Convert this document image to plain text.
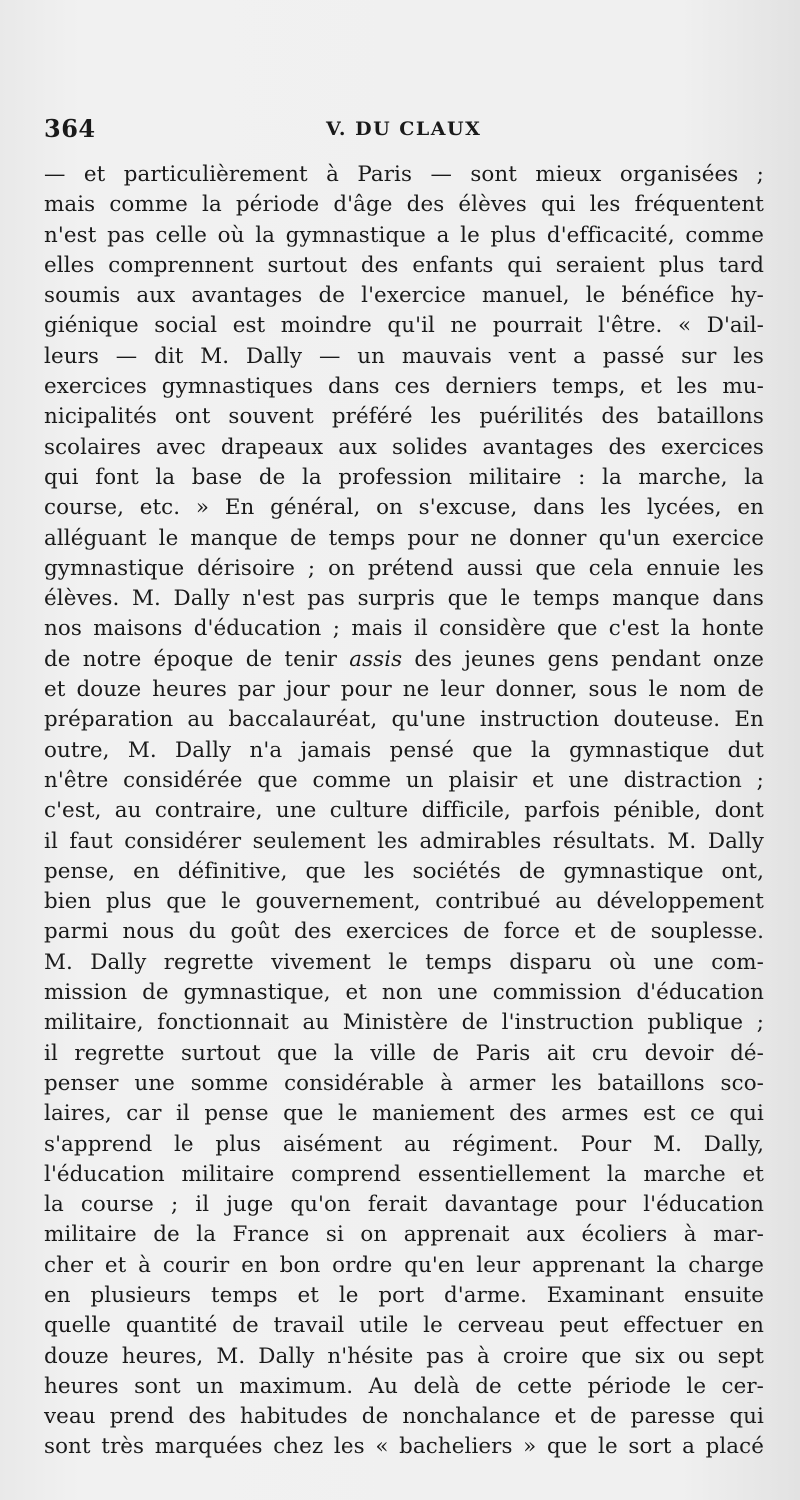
364	V. DU CLAUX
— et particulièrement à Paris — sont mieux organisées ;
mais comme la période d'âge des élèves qui les fréquentent
n'est pas celle où la gymnastique a le plus d'efficacité, comme
elles comprennent surtout des enfants qui seraient plus tard
soumis aux avantages de l'exercice manuel, le bénéfice hy-
giénique social est moindre qu'il ne pourrait l'être. « D'ail-
leurs — dit M. Dally — un mauvais vent a passé sur les
exercices gymnastiques dans ces derniers temps, et les mu-
nicipalités ont souvent préféré les puérilités des bataillons
scolaires avec drapeaux aux solides avantages des exercices
qui font la base de la profession militaire : la marche, la
course, etc. » En général, on s'excuse, dans les lycées, en
alléguant le manque de temps pour ne donner qu'un exercice
gymnastique dérisoire ; on prétend aussi que cela ennuie les
élèves. M. Dally n'est pas surpris que le temps manque dans
nos maisons d'éducation ; mais il considère que c'est la honte
de notre époque de tenir assis des jeunes gens pendant onze
et douze heures par jour pour ne leur donner, sous le nom de
préparation au baccalauréat, qu'une instruction douteuse. En
outre, M. Dally n'a jamais pensé que la gymnastique dut
n'être considérée que comme un plaisir et une distraction ;
c'est, au contraire, une culture difficile, parfois pénible, dont
il faut considérer seulement les admirables résultats. M. Dally
pense, en définitive, que les sociétés de gymnastique ont,
bien plus que le gouvernement, contribué au développement
parmi nous du goût des exercices de force et de souplesse.
M. Dally regrette vivement le temps disparu où une com-
mission de gymnastique, et non une commission d'éducation
militaire, fonctionnait au Ministère de l'instruction publique ;
il regrette surtout que la ville de Paris ait cru devoir dé-
penser une somme considérable à armer les bataillons sco-
laires, car il pense que le maniement des armes est ce qui
s'apprend le plus aisément au régiment. Pour M. Dally,
l'éducation militaire comprend essentiellement la marche et
la course ; il juge qu'on ferait davantage pour l'éducation
militaire de la France si on apprenait aux écoliers à mar-
cher et à courir en bon ordre qu'en leur apprenant la charge
en plusieurs temps et le port d'arme. Examinant ensuite
quelle quantité de travail utile le cerveau peut effectuer en
douze heures, M. Dally n'hésite pas à croire que six ou sept
heures sont un maximum. Au delà de cette période le cer-
veau prend des habitudes de nonchalance et de paresse qui
sont très marquées chez les « bacheliers » que le sort a placé
